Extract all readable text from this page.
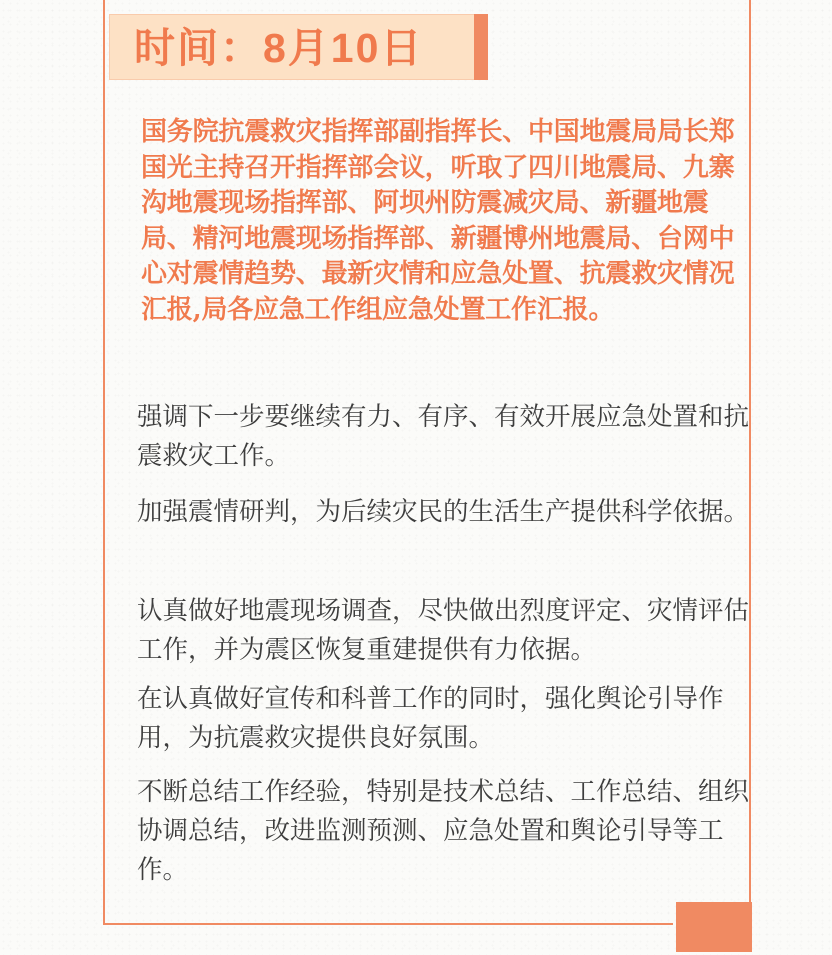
时间：8月10日

国务院抗震救灾指挥部副指挥长、中国地震局局长郑国光主持召开指挥部会议，听取了四川地震局、九寨沟地震现场指挥部、阿坝州防震减灾局、新疆地震局、精河地震现场指挥部、新疆博州地震局、台网中心对震情趋势、最新灾情和应急处置、抗震救灾情况汇报,局各应急工作组应急处置工作汇报。

强调下一步要继续有力、有序、有效开展应急处置和抗震救灾工作。

加强震情研判，为后续灾民的生活生产提供科学依据。

认真做好地震现场调查，尽快做出烈度评定、灾情评估工作，并为震区恢复重建提供有力依据。

在认真做好宣传和科普工作的同时，强化舆论引导作用，为抗震救灾提供良好氛围。

不断总结工作经验，特别是技术总结、工作总结、组织协调总结，改进监测预测、应急处置和舆论引导等工作。
